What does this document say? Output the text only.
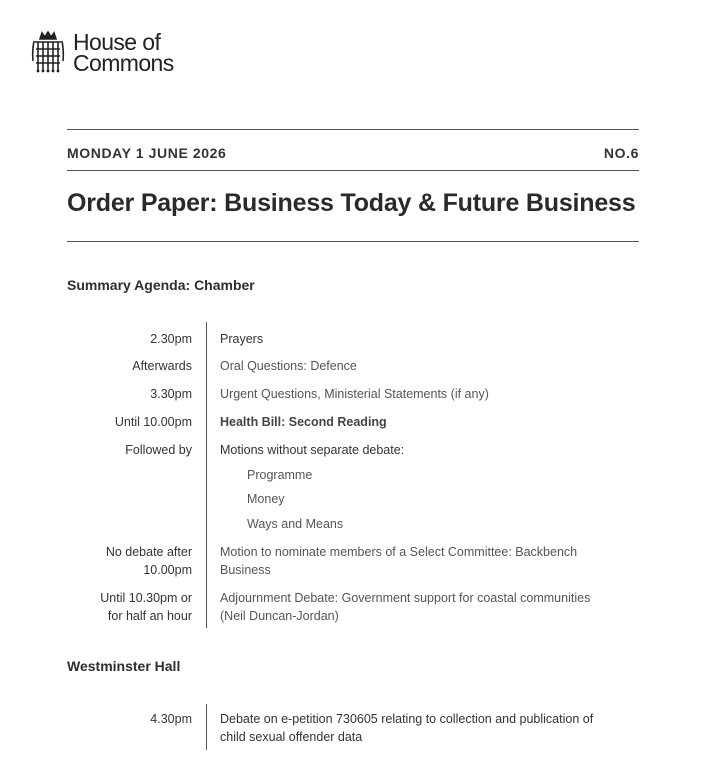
House of
Commons
MONDAY 1 JUNE 2026	NO.6
Order Paper: Business Today & Future Business
Summary Agenda: Chamber
2.30pm Prayers
Afterwards Oral Questions: Defence
3.30pm Urgent Questions, Ministerial Statements (if any)
Until 10.00pm Health Bill: Second Reading
Followed by Motions without separate debate:
Programme
Money
Ways and Means
No debate after
10.00pm
Motion to nominate members of a Select Committee: Backbench
Business
Until 10.30pm or
for half an hour
Adjournment Debate: Government support for coastal communities
(Neil Duncan-Jordan)
Westminster Hall
4.30pm Debate on e-petition 730605 relating to collection and publication of
child sexual offender data
